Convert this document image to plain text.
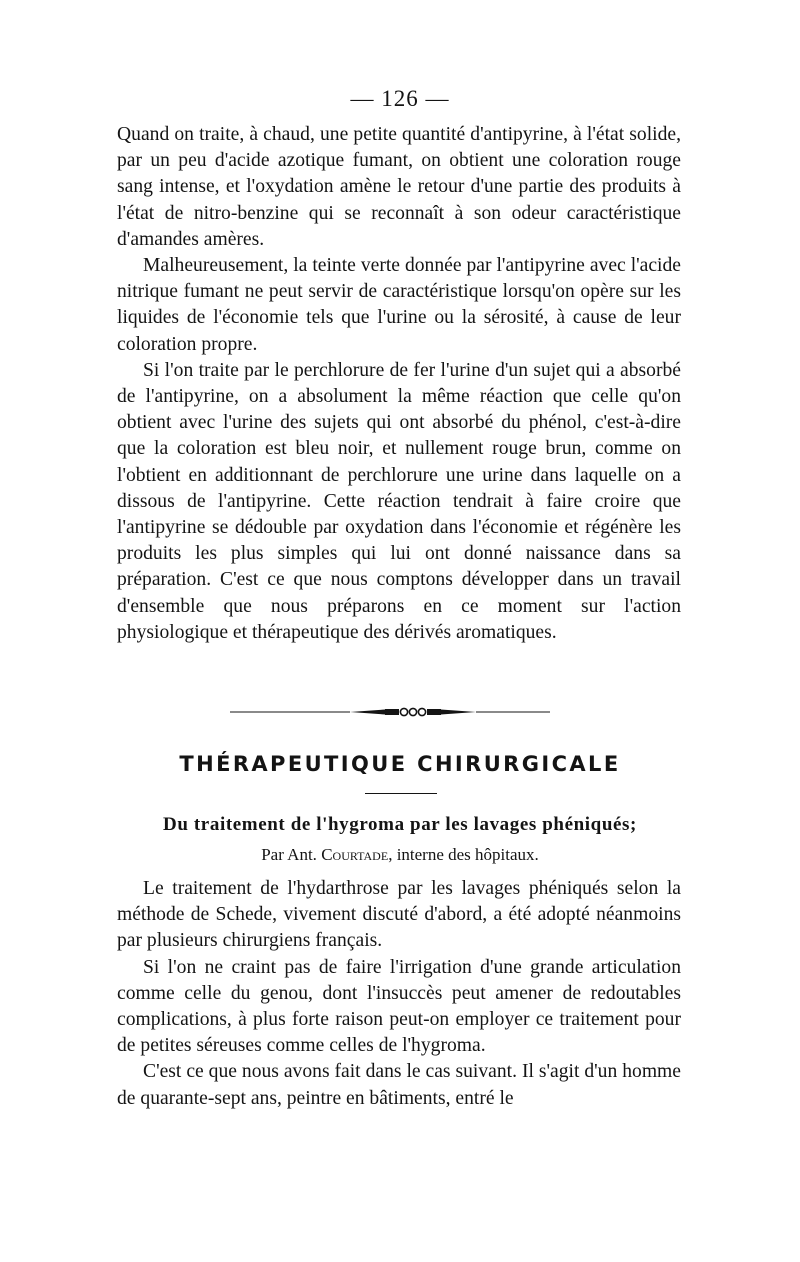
— 126 —

Quand on traite, à chaud, une petite quantité d'antipyrine, à l'état solide, par un peu d'acide azotique fumant, on obtient une coloration rouge sang intense, et l'oxydation amène le retour d'une partie des produits à l'état de nitro-benzine qui se reconnaît à son odeur caractéristique d'amandes amères.

Malheureusement, la teinte verte donnée par l'antipyrine avec l'acide nitrique fumant ne peut servir de caractéristique lorsqu'on opère sur les liquides de l'économie tels que l'urine ou la sérosité, à cause de leur coloration propre.

Si l'on traite par le perchlorure de fer l'urine d'un sujet qui a absorbé de l'antipyrine, on a absolument la même réaction que celle qu'on obtient avec l'urine des sujets qui ont absorbé du phénol, c'est-à-dire que la coloration est bleu noir, et nullement rouge brun, comme on l'obtient en additionnant de perchlorure une urine dans laquelle on a dissous de l'antipyrine. Cette réaction tendrait à faire croire que l'antipyrine se dédouble par oxydation dans l'économie et régénère les produits les plus simples qui lui ont donné naissance dans sa préparation. C'est ce que nous comptons développer dans un travail d'ensemble que nous préparons en ce moment sur l'action physiologique et thérapeutique des dérivés aromatiques.

THÉRAPEUTIQUE CHIRURGICALE
Du traitement de l'hygroma par les lavages phéniqués;
Par Ant. Courtade, interne des hôpitaux.

Le traitement de l'hydarthrose par les lavages phéniqués selon la méthode de Schede, vivement discuté d'abord, a été adopté néanmoins par plusieurs chirurgiens français.

Si l'on ne craint pas de faire l'irrigation d'une grande articulation comme celle du genou, dont l'insuccès peut amener de redoutables complications, à plus forte raison peut-on employer ce traitement pour de petites séreuses comme celles de l'hygroma.

C'est ce que nous avons fait dans le cas suivant. Il s'agit d'un homme de quarante-sept ans, peintre en bâtiments, entré le
